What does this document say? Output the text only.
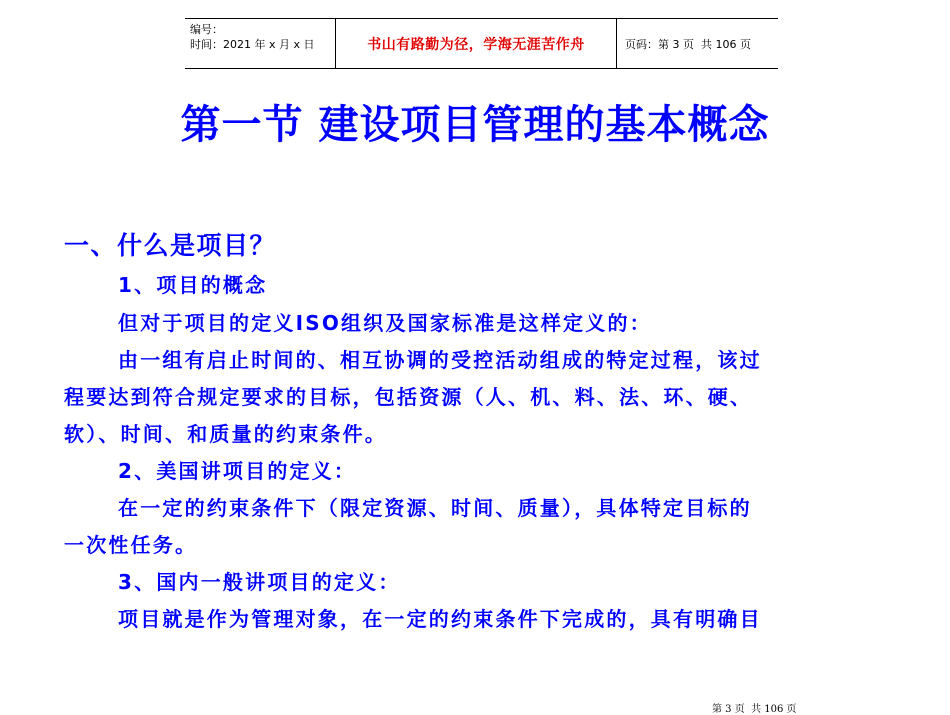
编号：
时间：2021 年 x 月 x 日	书山有路勤为径，学海无涯苦作舟	页码：第 3 页  共 106 页
第一节 建设项目管理的基本概念
一、什么是项目？
1、项目的概念
但对于项目的定义ISO组织及国家标准是这样定义的：
由一组有启止时间的、相互协调的受控活动组成的特定过程，该过
程要达到符合规定要求的目标，包括资源（人、机、料、法、环、硬、
软）、时间、和质量的约束条件。
2、美国讲项目的定义：
在一定的约束条件下（限定资源、时间、质量），具体特定目标的
一次性任务。
3、国内一般讲项目的定义：
项目就是作为管理对象，在一定的约束条件下完成的，具有明确目
第 3 页  共 106 页
